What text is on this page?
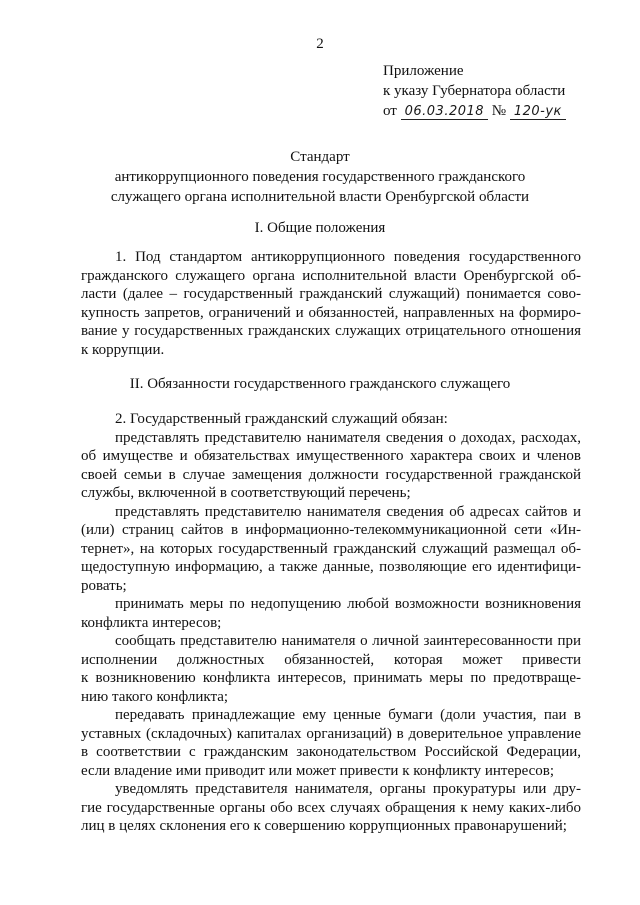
2
Приложение
к указу Губернатора области
от 06.03.2018 № 120-ук
Стандарт
антикоррупционного поведения государственного гражданского
служащего органа исполнительной власти Оренбургской области
I. Общие положения
1. Под стандартом антикоррупционного поведения государственного
гражданского служащего органа исполнительной власти Оренбургской об-
ласти (далее – государственный гражданский служащий) понимается сово-
купность запретов, ограничений и обязанностей, направленных на формиро-
вание у государственных гражданских служащих отрицательного отношения
к коррупции.
II. Обязанности государственного гражданского служащего
2. Государственный гражданский служащий обязан:
представлять представителю нанимателя сведения о доходах, расходах,
об имуществе и обязательствах имущественного характера своих и членов
своей семьи в случае замещения должности государственной гражданской
службы, включенной в соответствующий перечень;
представлять представителю нанимателя сведения об адресах сайтов и
(или) страниц сайтов в информационно-телекоммуникационной сети «Ин-
тернет», на которых государственный гражданский служащий размещал об-
щедоступную информацию, а также данные, позволяющие его идентифици-
ровать;
принимать меры по недопущению любой возможности возникновения
конфликта интересов;
сообщать представителю нанимателя о личной заинтересованности при
исполнении должностных обязанностей, которая может привести
к возникновению конфликта интересов, принимать меры по предотвраще-
нию такого конфликта;
передавать принадлежащие ему ценные бумаги (доли участия, паи в
уставных (складочных) капиталах организаций) в доверительное управление
в соответствии с гражданским законодательством Российской Федерации,
если владение ими приводит или может привести к конфликту интересов;
уведомлять представителя нанимателя, органы прокуратуры или дру-
гие государственные органы обо всех случаях обращения к нему каких-либо
лиц в целях склонения его к совершению коррупционных правонарушений;
